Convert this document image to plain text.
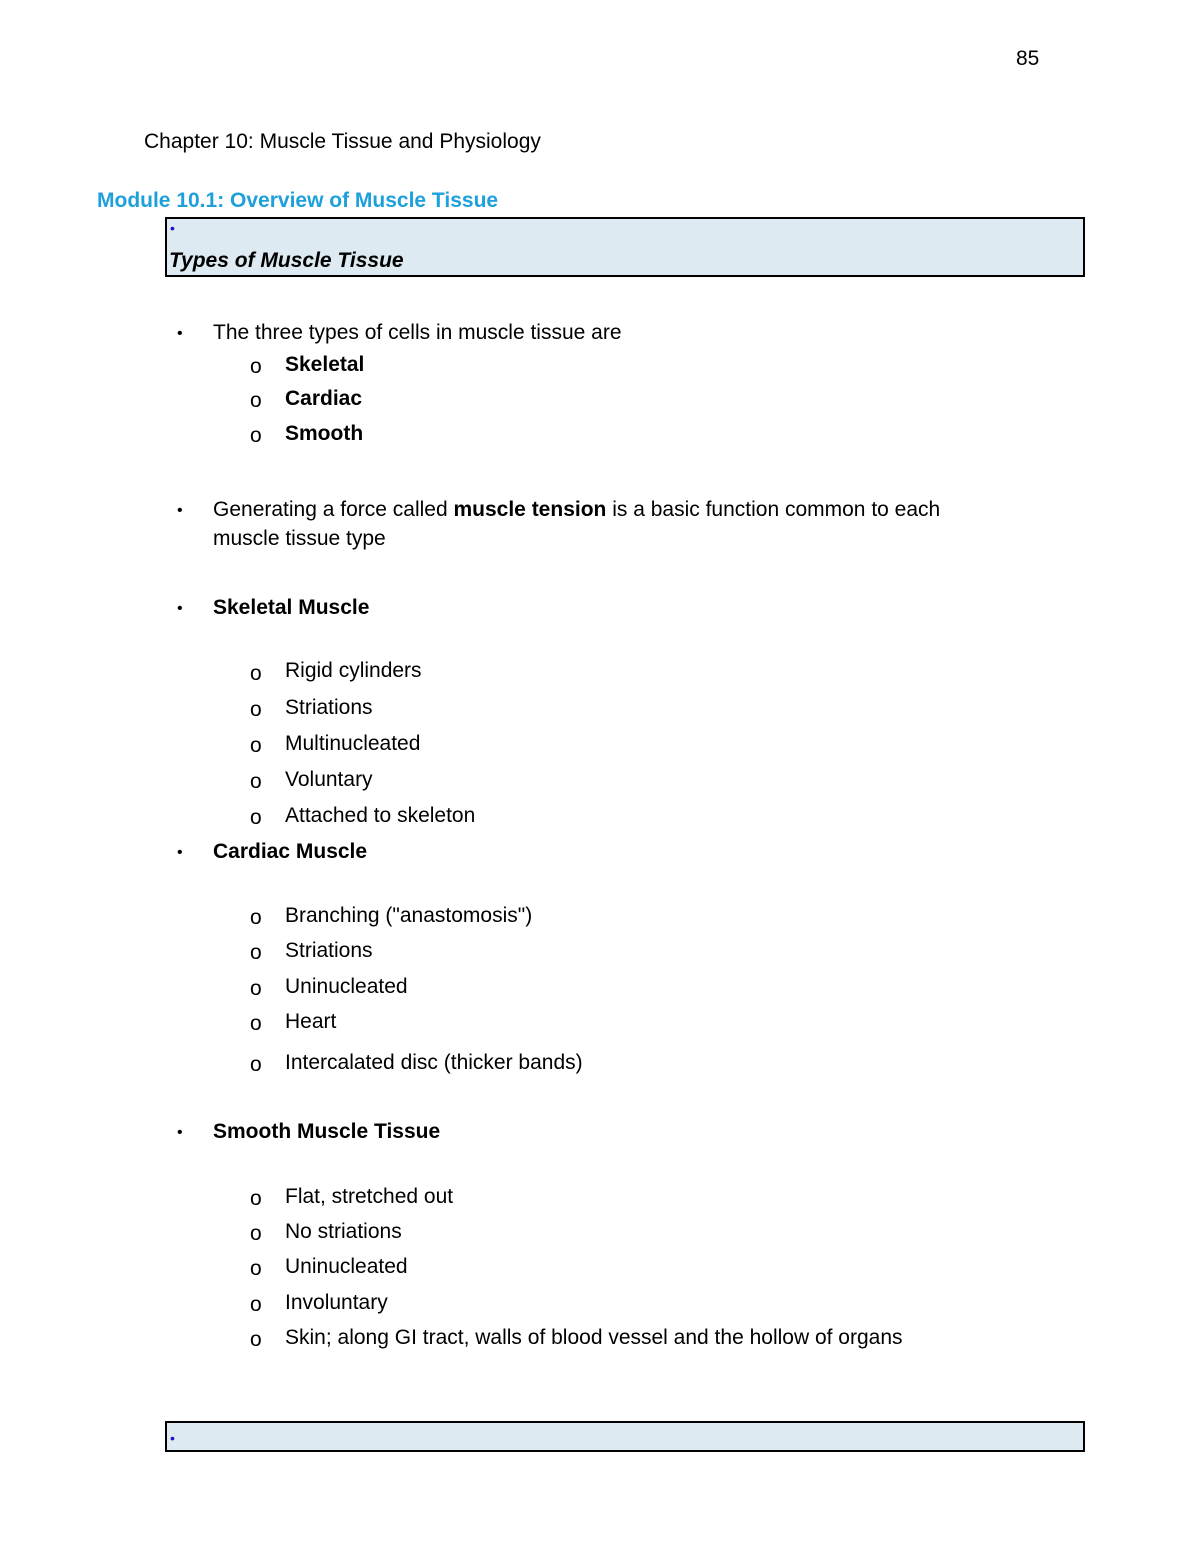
85
Chapter 10: Muscle Tissue and Physiology
Module 10.1: Overview of Muscle Tissue
•
Types of Muscle Tissue
• The three types of cells in muscle tissue are
o Skeletal
o Cardiac
o Smooth
• Generating a force called muscle tension is a basic function common to each
muscle tissue type
• Skeletal Muscle
o Rigid cylinders
o Striations
o Multinucleated
o Voluntary
o Attached to skeleton
• Cardiac Muscle
o Branching ("anastomosis")
o Striations
o Uninucleated
o Heart
o Intercalated disc (thicker bands)
• Smooth Muscle Tissue
o Flat, stretched out
o No striations
o Uninucleated
o Involuntary
o Skin; along GI tract, walls of blood vessel and the hollow of organs
•
